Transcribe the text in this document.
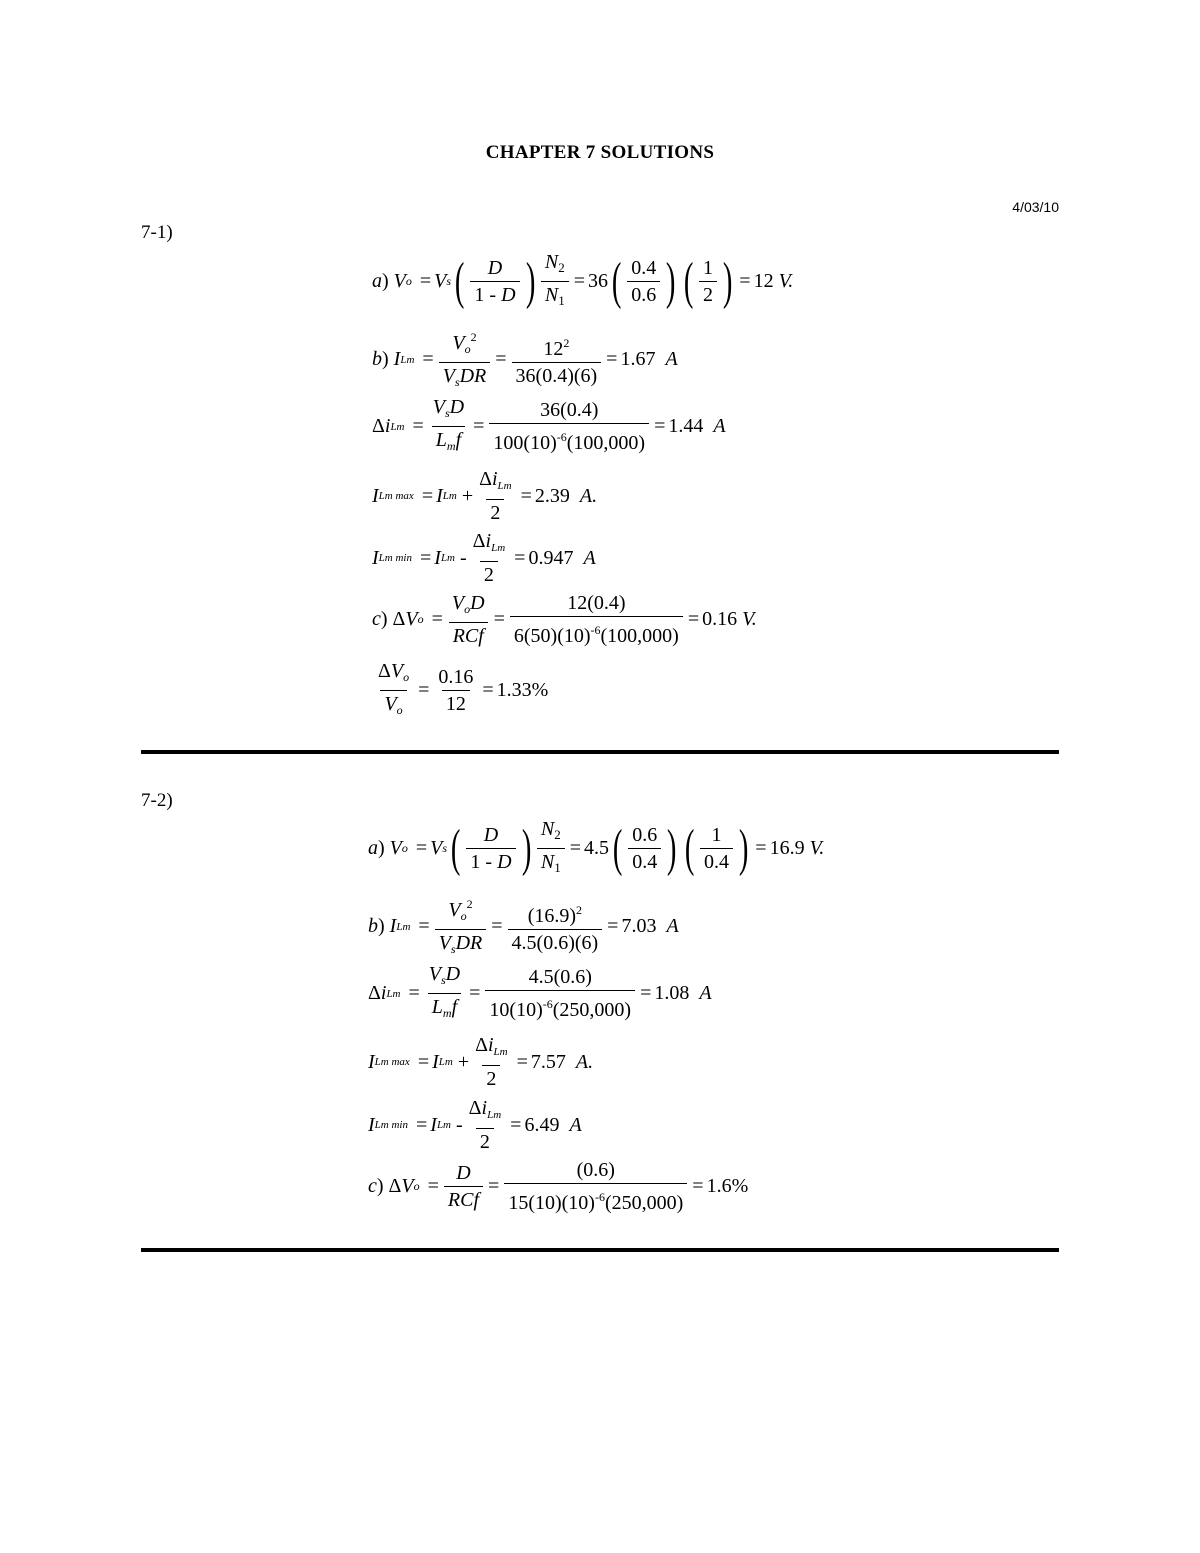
CHAPTER 7 SOLUTIONS
4/03/10
7-1)
a ) V o
= V s ( $\frac{D}{1 - D}$ ) $\frac{N_2}{N_1} = 36$ ( $\frac{0.4}{0.6}$ ) ( $\frac{1}{2}$ ) = 12 V.
b ) I Lm
= $\frac{V_o^2}{V_sDR} = \frac{12^2}{36(0.4)(6)} = 1.67$ A
Δ i Lm
= $\frac{V_sD}{L_mf} = \frac{36(0.4)}{100(10)^{-6}(100,000)} = 1.44$ A
I Lm max
= I $Lm + \frac{\Delta i_{Lm}}{2} = 2.39$ A.
I Lm min
= I $Lm - \frac{\Delta i_{Lm}}{2} = 0.947$ A
c ) Δ V o
= $\frac{V_oD}{\text{RCf}} = \frac{12(0.4)}{6(50)(10)^{-6}(100,000)} = 0.16$ V.
$\frac{\Delta V_o}{V_o} = \frac{0.16}{12} = 1.33\%$
7-2)
a ) V o
= V s ( $\frac{D}{1 - D}$ ) $\frac{N_2}{N_1} = 4.5$ ( $\frac{0.6}{0.4}$ ) ( $\frac{1}{0.4}$ ) = 16.9 V.
b ) I Lm
= $\frac{V_o^2}{V_sDR} = \frac{(16.9)^2}{4.5(0.6)(6)} = 7.03$ A
Δ i Lm
= $\frac{V_sD}{L_mf} = \frac{4.5(0.6)}{10(10)^{-6}(250,000)} = 1.08$ A
I Lm max
= I $Lm + \frac{\Delta i_{Lm}}{2} = 7.57$ A.
I Lm min
= I $Lm - \frac{\Delta i_{Lm}}{2} = 6.49$ A
c ) Δ V o
= $\frac{D}{\text{RCf}} = \frac{(0.6)}{15(10)(10)^{-6}(250,000)} = 1.6\%$
